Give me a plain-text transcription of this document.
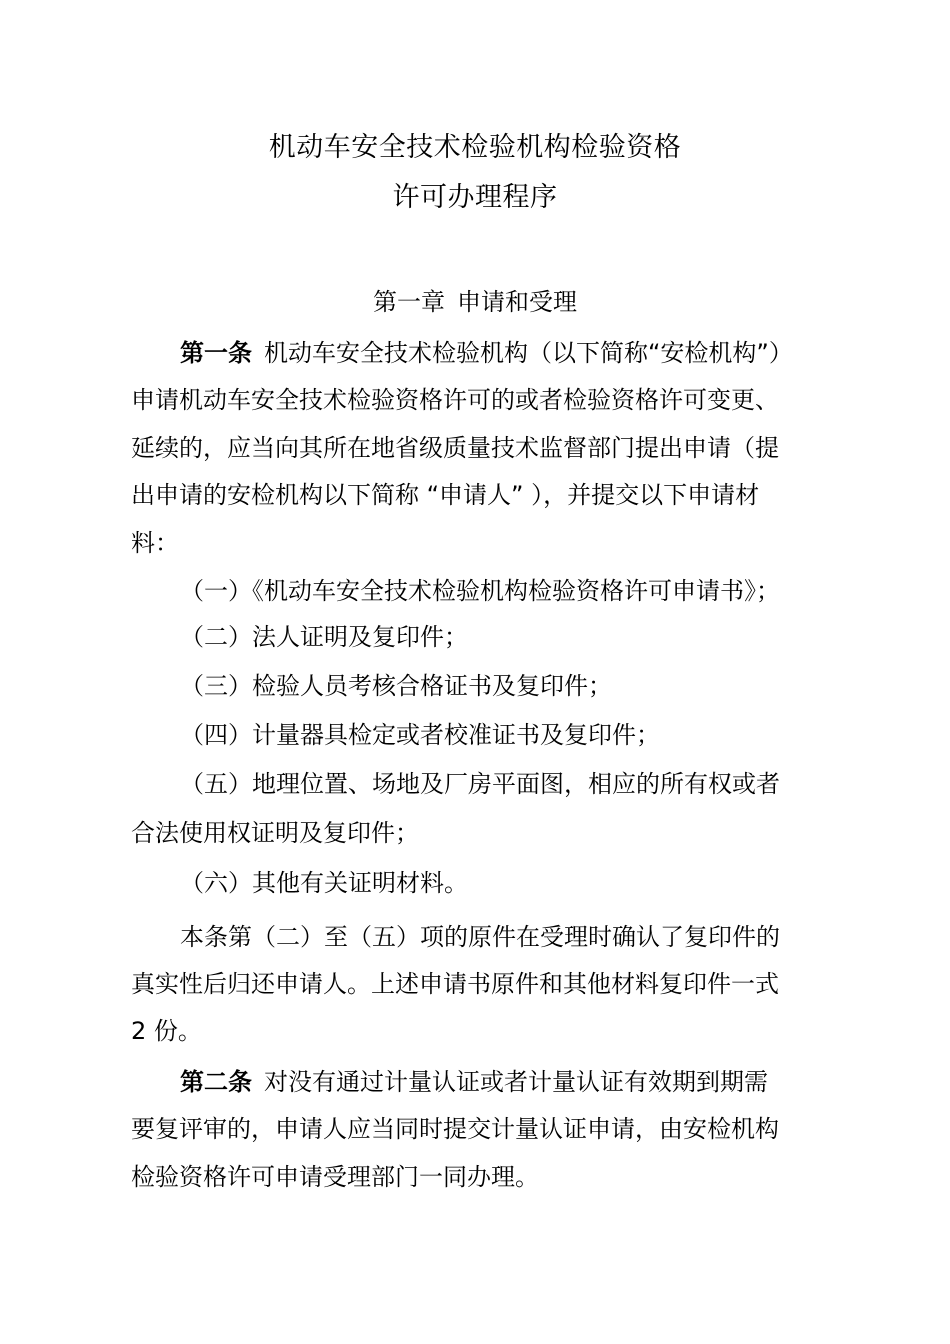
机动车安全技术检验机构检验资格
许可办理程序
第一章 申请和受理
第一条 机动车安全技术检验机构（以下简称“安检机构”）
申请机动车安全技术检验资格许可的或者检验资格许可变更、
延续的，应当向其所在地省级质量技术监督部门提出申请（提
出申请的安检机构以下简称 “申请人” ），并提交以下申请材
料：
（一）《机动车安全技术检验机构检验资格许可申请书》；
（二）法人证明及复印件；
（三）检验人员考核合格证书及复印件；
（四）计量器具检定或者校准证书及复印件；
（五）地理位置、场地及厂房平面图，相应的所有权或者
合法使用权证明及复印件；
（六）其他有关证明材料。
本条第（二）至（五）项的原件在受理时确认了复印件的
真实性后归还申请人。上述申请书原件和其他材料复印件一式
2 份。
第二条 对没有通过计量认证或者计量认证有效期到期需
要复评审的，申请人应当同时提交计量认证申请，由安检机构
检验资格许可申请受理部门一同办理。
